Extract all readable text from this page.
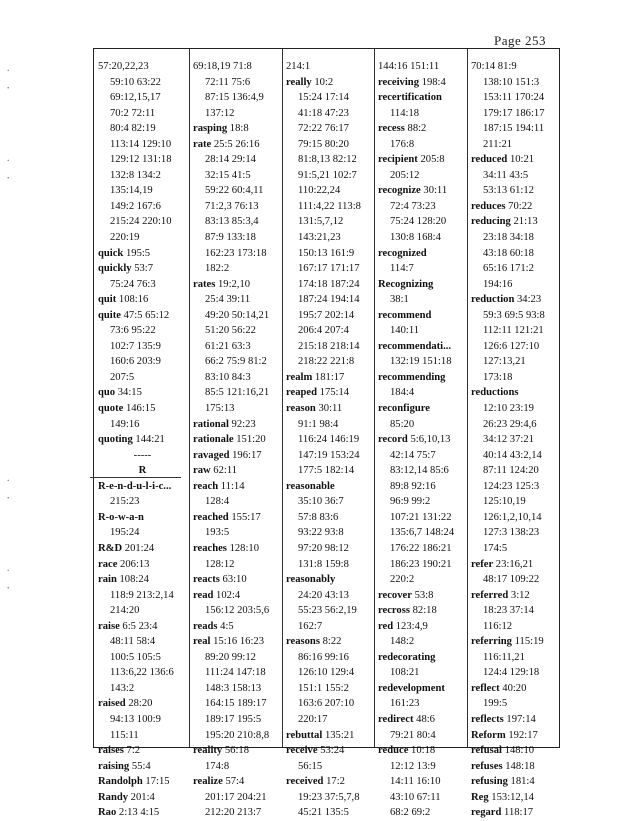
Page 253
˙
·
˙
·
˙
·
˙
·
57:20,22,23
59:10 63:22
69:12,15,17
70:2 72:11
80:4 82:19
113:14 129:10
129:12 131:18
132:8 134:2
135:14,19
149:2 167:6
215:24 220:10
220:19
quick 195:5
quickly 53:7
75:24 76:3
quit 108:16
quite 47:5 65:12
73:6 95:22
102:7 135:9
160:6 203:9
207:5
quo 34:15
quote 146:15
149:16
quoting 144:21
-----
R
R-e-n-d-u-l-i-c...
215:23
R-o-w-a-n
195:24
R&D 201:24
race 206:13
rain 108:24
118:9 213:2,14
214:20
raise 6:5 23:4
48:11 58:4
100:5 105:5
113:6,22 136:6
143:2
raised 28:20
94:13 100:9
115:11
raises 7:2
raising 55:4
Randolph 17:15
Randy 201:4
Rao 2:13 4:15
69:18,19 71:8
72:11 75:6
87:15 136:4,9
137:12
rasping 18:8
rate 25:5 26:16
28:14 29:14
32:15 41:5
59:22 60:4,11
71:2,3 76:13
83:13 85:3,4
87:9 133:18
162:23 173:18
182:2
rates 19:2,10
25:4 39:11
49:20 50:14,21
51:20 56:22
61:21 63:3
66:2 75:9 81:2
83:10 84:3
85:5 121:16,21
175:13
rational 92:23
rationale 151:20
ravaged 196:17
raw 62:11
reach 11:14
128:4
reached 155:17
193:5
reaches 128:10
128:12
reacts 63:10
read 102:4
156:12 203:5,6
reads 4:5
real 15:16 16:23
89:20 99:12
111:24 147:18
148:3 158:13
164:15 189:17
189:17 195:5
195:20 210:8,8
reality 56:18
174:8
realize 57:4
201:17 204:21
212:20 213:7
214:1
really 10:2
15:24 17:14
41:18 47:23
72:22 76:17
79:15 80:20
81:8,13 82:12
91:5,21 102:7
110:22,24
111:4,22 113:8
131:5,7,12
143:21,23
150:13 161:9
167:17 171:17
174:18 187:24
187:24 194:14
195:7 202:14
206:4 207:4
215:18 218:14
218:22 221:8
realm 181:17
reaped 175:14
reason 30:11
91:1 98:4
116:24 146:19
147:19 153:24
177:5 182:14
reasonable
35:10 36:7
57:8 83:6
93:22 93:8
97:20 98:12
131:8 159:8
reasonably
24:20 43:13
55:23 56:2,19
162:7
reasons 8:22
86:16 99:16
126:10 129:4
151:1 155:2
163:6 207:10
220:17
rebuttal 135:21
receive 53:24
56:15
received 17:2
19:23 37:5,7,8
45:21 135:5
144:16 151:11
receiving 198:4
recertification
114:18
recess 88:2
176:8
recipient 205:8
205:12
recognize 30:11
72:4 73:23
75:24 128:20
130:8 168:4
recognized
114:7
Recognizing
38:1
recommend
140:11
recommendati...
132:19 151:18
recommending
184:4
reconfigure
85:20
record 5:6,10,13
42:14 75:7
83:12,14 85:6
89:8 92:16
96:9 99:2
107:21 131:22
135:6,7 148:24
176:22 186:21
186:23 190:21
220:2
recover 53:8
recross 82:18
red 123:4,9
148:2
redecorating
108:21
redevelopment
161:23
redirect 48:6
79:21 80:4
reduce 10:18
12:12 13:9
14:11 16:10
43:10 67:11
68:2 69:2
70:14 81:9
138:10 151:3
153:11 170:24
179:17 186:17
187:15 194:11
211:21
reduced 10:21
34:11 43:5
53:13 61:12
reduces 70:22
reducing 21:13
23:18 34:18
43:18 60:18
65:16 171:2
194:16
reduction 34:23
59:3 69:5 93:8
112:11 121:21
126:6 127:10
127:13,21
173:18
reductions
12:10 23:19
26:23 29:4,6
34:12 37:21
40:14 43:2,14
87:11 124:20
124:23 125:3
125:10,19
126:1,2,10,14
127:3 138:23
174:5
refer 23:16,21
48:17 109:22
referred 3:12
18:23 37:14
116:12
referring 115:19
116:11,21
124:4 129:18
reflect 40:20
199:5
reflects 197:14
Reform 192:17
refusal 148:10
refuses 148:18
refusing 181:4
Reg 153:12,14
regard 118:17
